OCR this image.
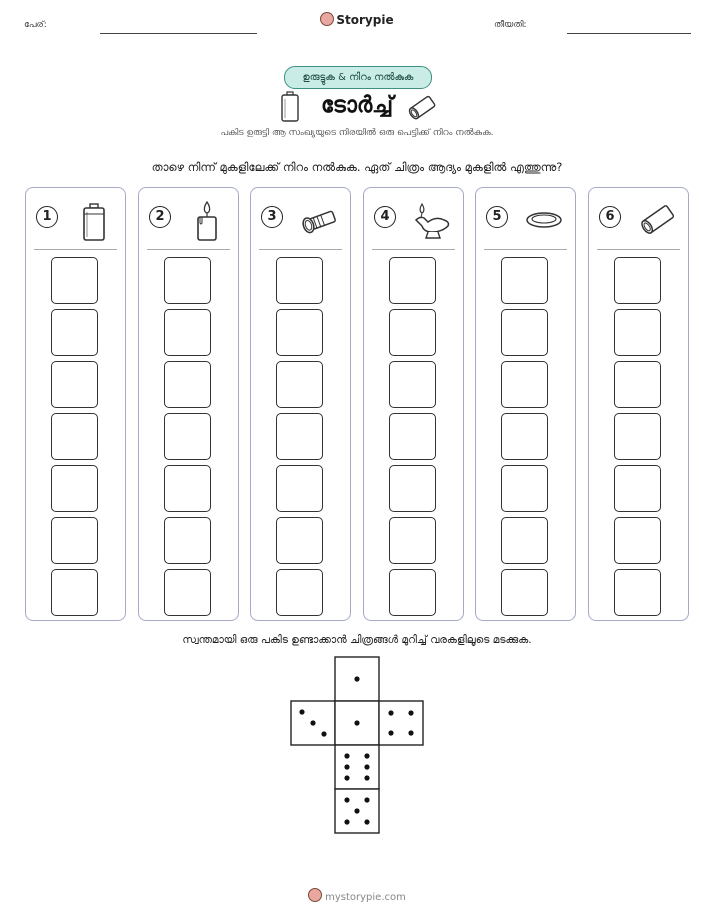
പേര്:	Storypie	തീയതി:
ഉരുട്ടുക & നിറം നൽകുക
ടോർച്ച്
പകിട ഉരുട്ടി ആ സംഖ്യയുടെ നിരയിൽ ഒരു പെട്ടിക്ക് നിറം നൽകുക.
താഴെ നിന്ന് മുകളിലേക്ക് നിറം നൽകുക. ഏത് ചിത്രം ആദ്യം മുകളിൽ എത്തുന്നു?
1	2	3	4	5	6
സ്വന്തമായി ഒരു പകിട ഉണ്ടാക്കാൻ ചിത്രങ്ങൾ മുറിച്ച് വരകളിലൂടെ മടക്കുക.
mystorypie.com
